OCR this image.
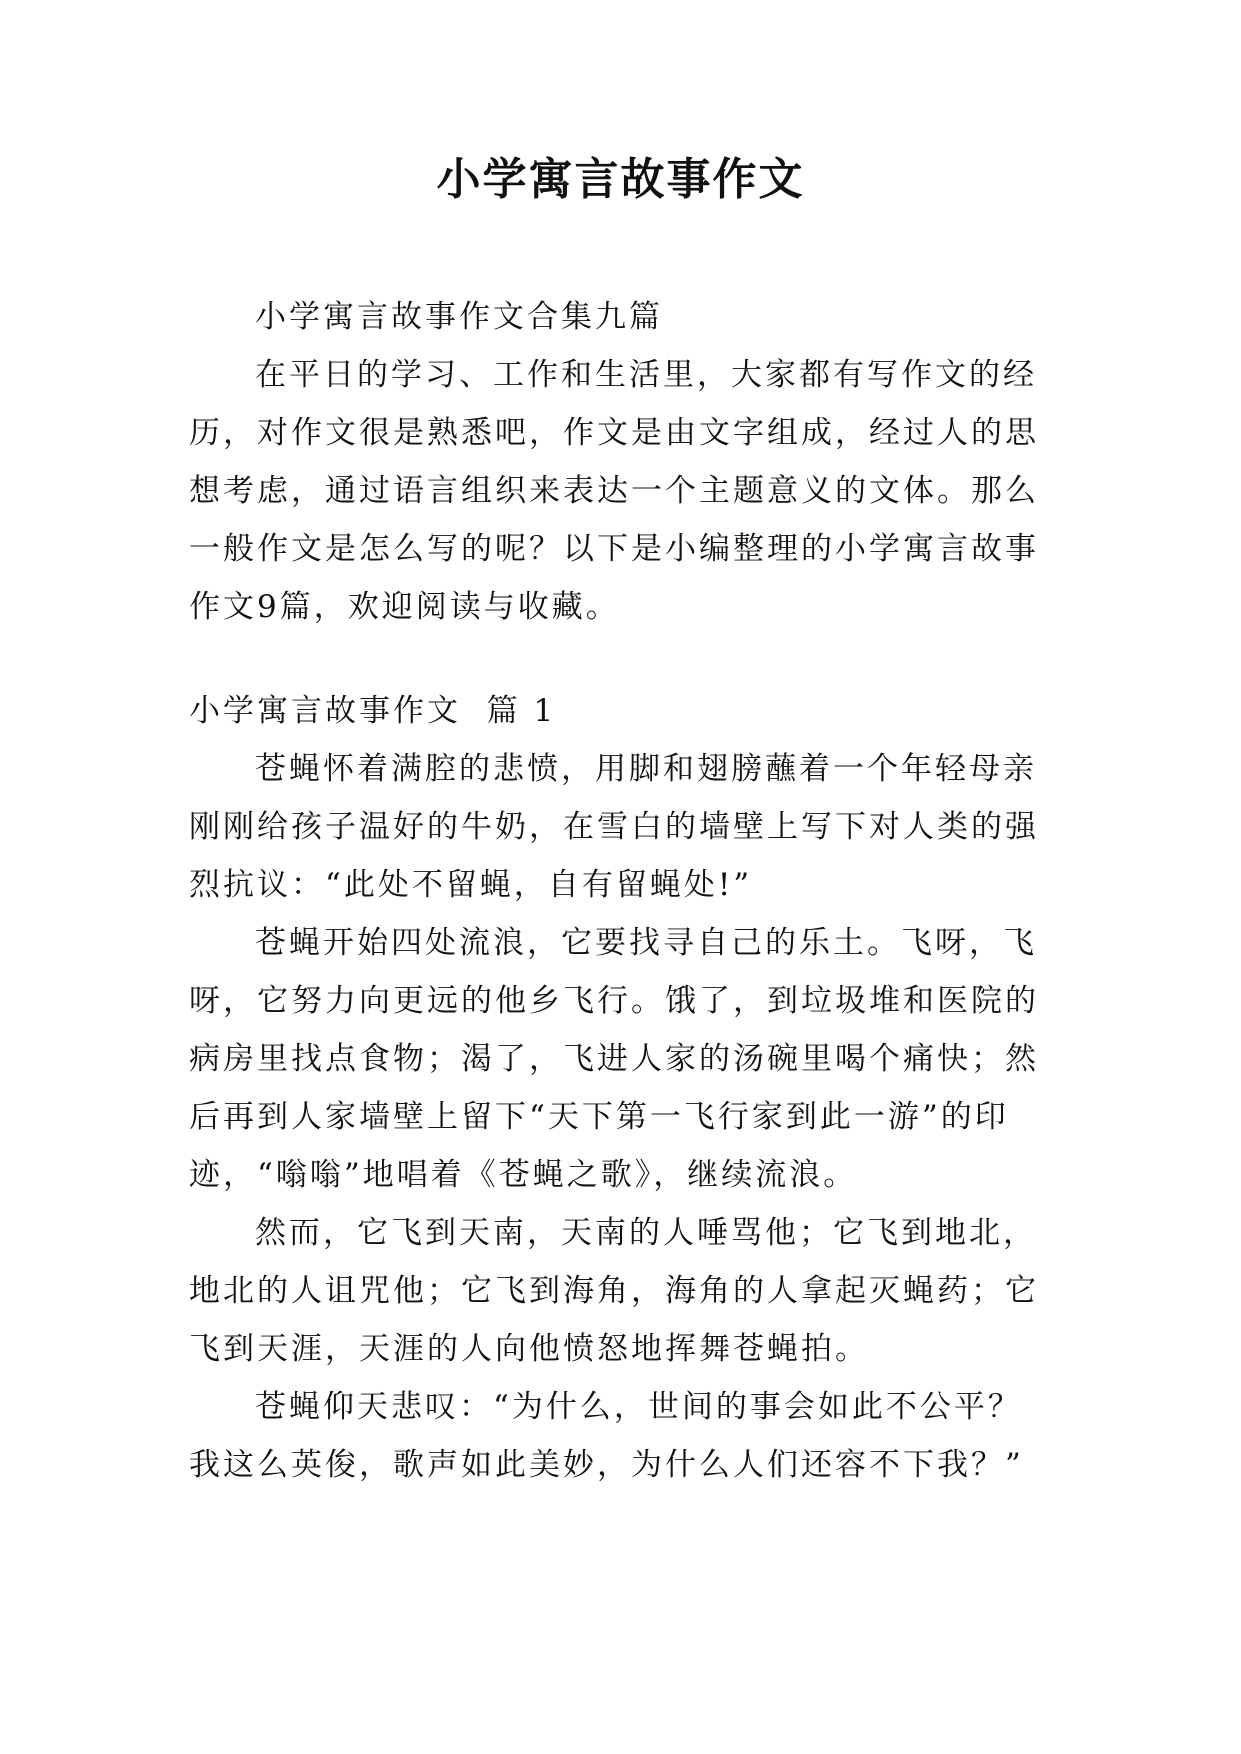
小学寓言故事作文

小学寓言故事作文合集九篇

在平日的学习、工作和生活里，大家都有写作文的经历，对作文很是熟悉吧，作文是由文字组成，经过人的思想考虑，通过语言组织来表达一个主题意义的文体。那么一般作文是怎么写的呢？以下是小编整理的小学寓言故事作文9篇，欢迎阅读与收藏。

小学寓言故事作文  篇 1

苍蝇怀着满腔的悲愤，用脚和翅膀蘸着一个年轻母亲刚刚给孩子温好的牛奶，在雪白的墙壁上写下对人类的强烈抗议：“此处不留蝇，自有留蝇处!”

苍蝇开始四处流浪，它要找寻自己的乐土。飞呀，飞呀，它努力向更远的他乡飞行。饿了，到垃圾堆和医院的病房里找点食物；渴了，飞进人家的汤碗里喝个痛快；然后再到人家墙壁上留下“天下第一飞行家到此一游”的印迹，“嗡嗡”地唱着《苍蝇之歌》，继续流浪。

然而，它飞到天南，天南的人唾骂他；它飞到地北，地北的人诅咒他；它飞到海角，海角的人拿起灭蝇药；它飞到天涯，天涯的人向他愤怒地挥舞苍蝇拍。

苍蝇仰天悲叹：“为什么，世间的事会如此不公平？我这么英俊，歌声如此美妙，为什么人们还容不下我？”
